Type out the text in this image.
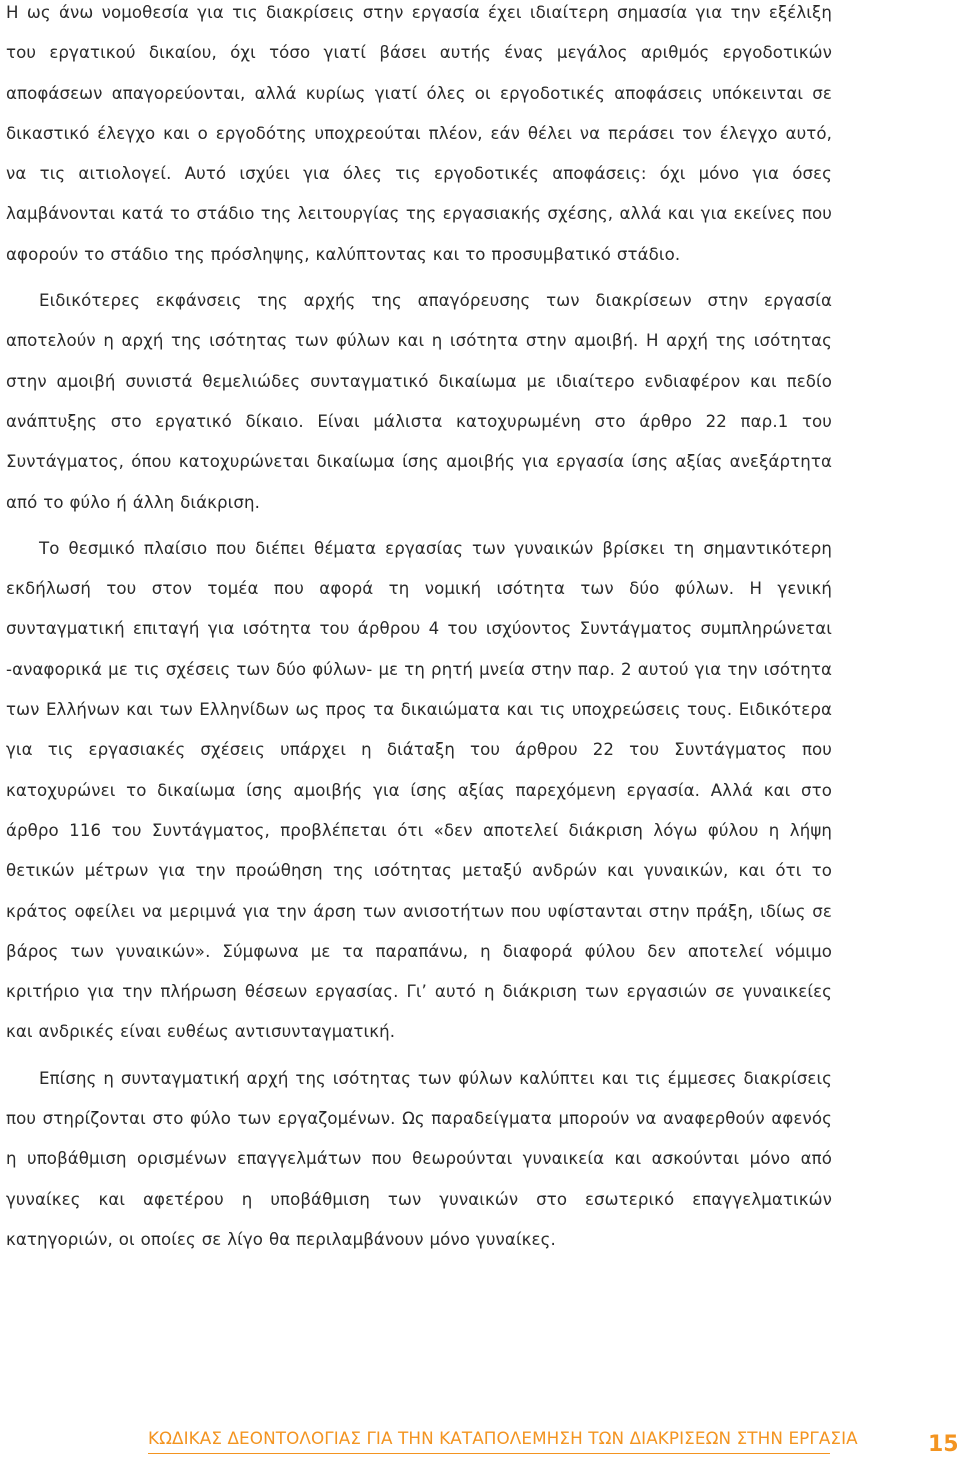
Η ως άνω νομοθεσία για τις διακρίσεις στην εργασία έχει ιδιαίτερη σημασία για την εξέλιξη του εργατικού δικαίου, όχι τόσο γιατί βάσει αυτής ένας μεγάλος αριθμός εργοδοτικών αποφάσεων απαγορεύονται, αλλά κυρίως γιατί όλες οι εργοδοτικές αποφάσεις υπόκεινται σε δικαστικό έλεγχο και ο εργοδότης υποχρεούται πλέον, εάν θέλει να περάσει τον έλεγχο αυτό, να τις αιτιολογεί. Αυτό ισχύει για όλες τις εργοδοτικές αποφάσεις: όχι μόνο για όσες λαμβάνονται κατά το στάδιο της λειτουργίας της εργασιακής σχέσης, αλλά και για εκείνες που αφορούν το στάδιο της πρόσληψης, καλύπτοντας και το προσυμβατικό στάδιο.

Ειδικότερες εκφάνσεις της αρχής της απαγόρευσης των διακρίσεων στην εργασία αποτελούν η αρχή της ισότητας των φύλων και η ισότητα στην αμοιβή. Η αρχή της ισότητας στην αμοιβή συνιστά θεμελιώδες συνταγματικό δικαίωμα με ιδιαίτερο ενδιαφέρον και πεδίο ανάπτυξης στο εργατικό δίκαιο. Είναι μάλιστα κατοχυρωμένη στο άρθρο 22 παρ.1 του Συντάγματος, όπου κατοχυρώνεται δικαίωμα ίσης αμοιβής για εργασία ίσης αξίας ανεξάρτητα από το φύλο ή άλλη διάκριση.

Το θεσμικό πλαίσιο που διέπει θέματα εργασίας των γυναικών βρίσκει τη σημαντικότερη εκδήλωσή του στον τομέα που αφορά τη νομική ισότητα των δύο φύλων. Η γενική συνταγματική επιταγή για ισότητα του άρθρου 4 του ισχύοντος Συντάγματος συμπληρώνεται -αναφορικά με τις σχέσεις των δύο φύλων- με τη ρητή μνεία στην παρ. 2 αυτού για την ισότητα των Ελλήνων και των Ελληνίδων ως προς τα δικαιώματα και τις υποχρεώσεις τους. Ειδικότερα για τις εργασιακές σχέσεις υπάρχει η διάταξη του άρθρου 22 του Συντάγματος που κατοχυρώνει το δικαίωμα ίσης αμοιβής για ίσης αξίας παρεχόμενη εργασία. Αλλά και στο άρθρο 116 του Συντάγματος, προβλέπεται ότι «δεν αποτελεί διάκριση λόγω φύλου η λήψη θετικών μέτρων για την προώθηση της ισότητας μεταξύ ανδρών και γυναικών, και ότι το κράτος οφείλει να μεριμνά για την άρση των ανισοτήτων που υφίστανται στην πράξη, ιδίως σε βάρος των γυναικών». Σύμφωνα με τα παραπάνω, η διαφορά φύλου δεν αποτελεί νόμιμο κριτήριο για την πλήρωση θέσεων εργασίας. Γι’ αυτό η διάκριση των εργασιών σε γυναικείες και ανδρικές είναι ευθέως αντισυνταγματική.

Επίσης η συνταγματική αρχή της ισότητας των φύλων καλύπτει και τις έμμεσες διακρίσεις που στηρίζονται στο φύλο των εργαζομένων. Ως παραδείγματα μπορούν να αναφερθούν αφενός η υποβάθμιση ορισμένων επαγγελμάτων που θεωρούνται γυναικεία και ασκούνται μόνο από γυναίκες και αφετέρου η υποβάθμιση των γυναικών στο εσωτερικό επαγγελματικών κατηγοριών, οι οποίες σε λίγο θα περιλαμβάνουν μόνο γυναίκες.

ΚΩΔΙΚΑΣ ΔΕΟΝΤΟΛΟΓΙΑΣ ΓΙΑ ΤΗΝ ΚΑΤΑΠΟΛΕΜΗΣΗ ΤΩΝ ΔΙΑΚΡΙΣΕΩΝ ΣΤΗΝ ΕΡΓΑΣΙΑ	15
